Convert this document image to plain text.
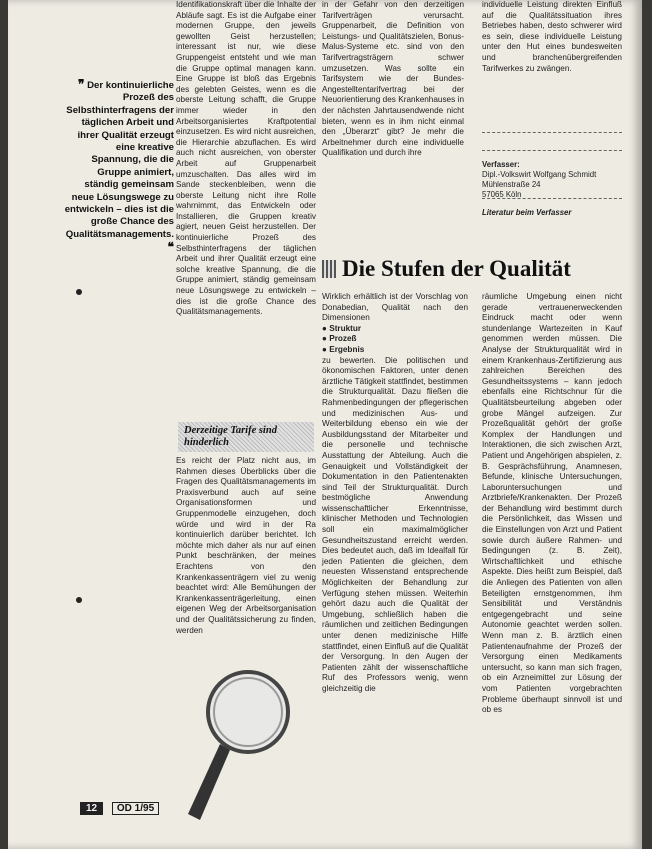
❞ Der kontinuierliche Prozeß des Selbsthinterfragens der täglichen Arbeit und ihrer Qualität erzeugt eine kreative Spannung, die die Gruppe animiert, ständig gemeinsam neue Lösungswege zu entwickeln – dies ist die große Chance des Qualitätsmanagements. ❝

Identifikationskraft über die Inhalte der Abläufe sagt. Es ist die Aufgabe einer modernen Gruppe, den jeweils gewollten Geist herzustellen; interessant ist nur, wie diese Gruppengeist entsteht und wie man die Gruppe optimal managen kann. Eine Gruppe ist bloß das Ergebnis des gelebten Geistes, wenn es die oberste Leitung schafft, die Gruppe immer wieder in den Arbeitsorganisiertes Kraftpotential einzusetzen. Es wird nicht ausreichen, die Hierarchie abzuflachen. Es wird auch nicht ausreichen, von oberster Arbeit auf Gruppenarbeit umzuschalten. Das alles wird im Sande steckenbleiben, wenn die oberste Leitung nicht ihre Rolle wahrnimmt, das Entwickeln oder Installieren, die Gruppen kreativ agiert, neuen Geist herzustellen. Der kontinuierliche Prozeß des Selbsthinterfragens der täglichen Arbeit und ihrer Qualität erzeugt eine solche kreative Spannung, die die Gruppe animiert, ständig gemeinsam neue Lösungswege zu entwickeln – dies ist die große Chance des Qualitätsmanagements.

Derzeitige Tarife sind hinderlich

Es reicht der Platz nicht aus, im Rahmen dieses Überblicks über die Fragen des Qualitätsmanagements im Praxisverbund auch auf seine Organisationsformen und Gruppenmodelle einzugehen, doch würde und wird in der Ra kontinuierlich darüber berichtet. Ich möchte mich daher als nur auf einen Punkt beschränken, der meines Erachtens von den Krankenkassenträgern viel zu wenig beachtet wird: Alle Bemühungen der Krankenkassenträgerleitung, einen eigenen Weg der Arbeitsorganisation und der Qualitätssicherung zu finden, werden

in der Gefahr von den derzeitigen Tarifverträgen verursacht. Gruppenarbeit, die Definition von Leistungs- und Qualitätszielen, Bonus-Malus-Systeme etc. sind von den Tarifvertragsträgern schwer umzusetzen. Was sollte ein Tarifsystem wie der Bundes-Angestelltentarifvertrag bei der Neuorientierung des Krankenhauses in der nächsten Jahrtausendwende nicht bieten, wenn es in ihm nicht einmal den „Überarzt“ gibt? Je mehr die Arbeitnehmer durch eine individuelle Qualifikation und durch ihre

individuelle Leistung direkten Einfluß auf die Qualitätssituation ihres Betriebes haben, desto schwerer wird es sein, diese individuelle Leistung unter den Hut eines bundesweiten und branchenübergreifenden Tarifwerkes zu zwängen.

Verfasser:
Dipl.-Volkswirt Wolfgang Schmidt
Mühlenstraße 24
57065 Köln
Literatur beim Verfasser
Die Stufen der Qualität

Wirklich erhältlich ist der Vorschlag von Donabedian, Qualität nach den Dimensionen

● Struktur

● Prozeß

● Ergebnis

zu bewerten. Die politischen und ökonomischen Faktoren, unter denen ärztliche Tätigkeit stattfindet, bestimmen die Strukturqualität. Dazu fließen die Rahmenbedingungen der pflegerischen und medizinischen Aus- und Weiterbildung ebenso ein wie der Ausbildungsstand der Mitarbeiter und die personelle und technische Ausstattung der Abteilung. Auch die Genauigkeit und Vollständigkeit der Dokumentation in den Patientenakten sind Teil der Strukturqualität. Durch bestmögliche Anwendung wissenschaftlicher Erkenntnisse, klinischer Methoden und Technologien soll ein maximalmöglicher Gesundheitszustand erreicht werden. Dies bedeutet auch, daß im Idealfall für jeden Patienten die gleichen, dem neuesten Wissenstand entsprechende Möglichkeiten der Behandlung zur Verfügung stehen müssen. Weiterhin gehört dazu auch die Qualität der Umgebung, schließlich haben die räumlichen und zeitlichen Bedingungen unter denen medizinische Hilfe stattfindet, einen Einfluß auf die Qualität der Versorgung. In den Augen der Patienten zählt der wissenschaftliche Ruf des Professors wenig, wenn gleichzeitig die

räumliche Umgebung einen nicht gerade vertrauenerweckenden Eindruck macht oder wenn stundenlange Wartezeiten in Kauf genommen werden müssen. Die Analyse der Strukturqualität wird in einem Krankenhaus-Zertifizierung aus zahlreichen Bereichen des Gesundheitssystems – kann jedoch ebenfalls eine Richtschnur für die Qualitätsbeurteilung abgeben oder grobe Mängel aufzeigen. Zur Prozeßqualität gehört der große Komplex der Handlungen und Interaktionen, die sich zwischen Arzt, Patient und Angehörigen abspielen, z. B. Gesprächsführung, Anamnesen, Befunde, klinische Untersuchungen, Laboruntersuchungen und Arztbriefe/Krankenakten. Der Prozeß der Behandlung wird bestimmt durch die Persönlichkeit, das Wissen und die Einstellungen von Arzt und Patient sowie durch äußere Rahmen- und Bedingungen (z. B. Zeit), Wirtschaftlichkeit und ethische Aspekte. Dies heißt zum Beispiel, daß die Anliegen des Patienten von allen Beteiligten ernstgenommen, ihm Sensibilität und Verständnis entgegengebracht und seine Autonomie geachtet werden sollen. Wenn man z. B. ärztlich einen Patientenaufnahme der Prozeß der Versorgung einen Medikaments untersucht, so kann man sich fragen, ob ein Arzneimittel zur Lösung der vom Patienten vorgebrachten Probleme überhaupt sinnvoll ist und ob es

12 ÖD 1/95
